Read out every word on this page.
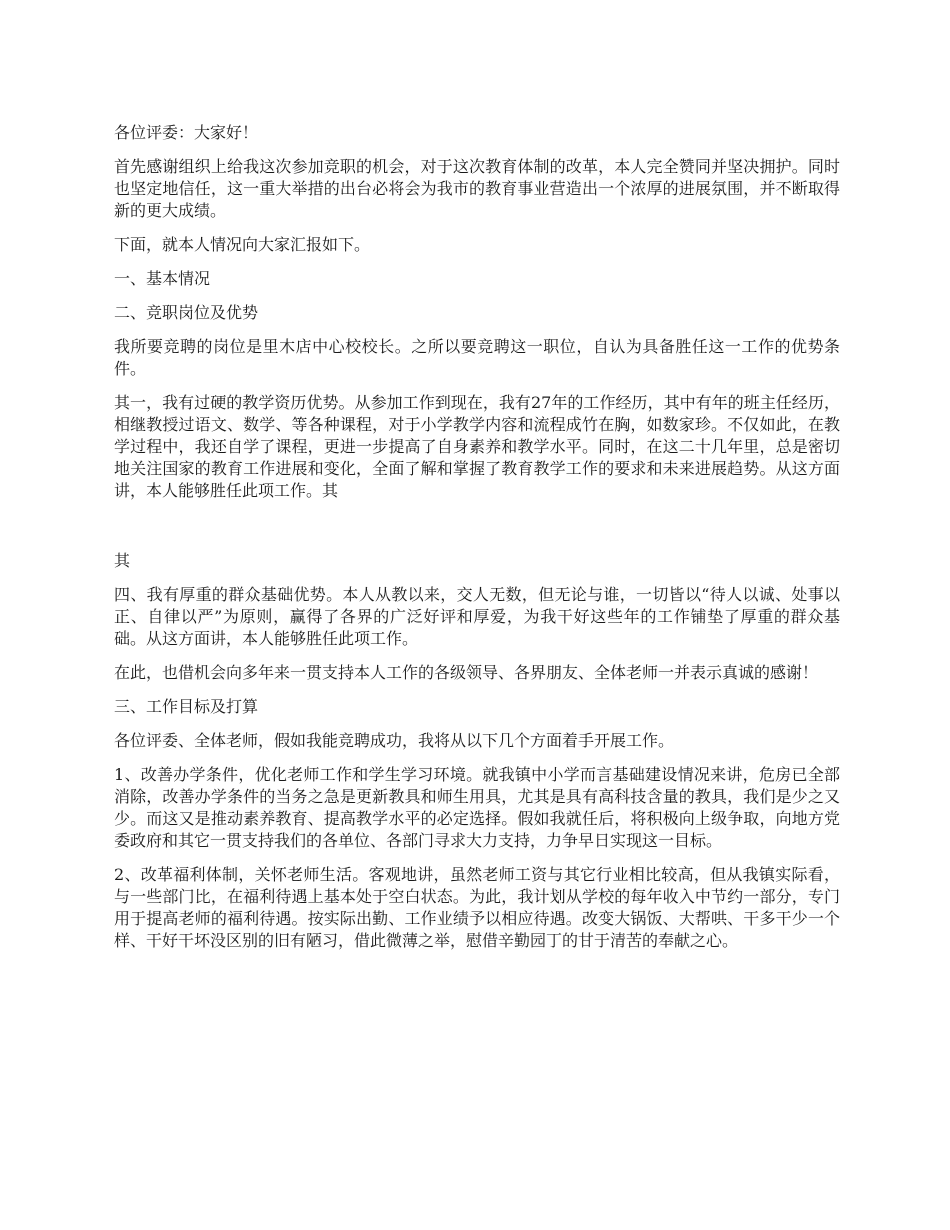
各位评委：大家好！

首先感谢组织上给我这次参加竞职的机会，对于这次教育体制的改革，本人完全赞同并坚决拥护。同时也坚定地信任，这一重大举措的出台必将会为我市的教育事业营造出一个浓厚的进展氛围，并不断取得新的更大成绩。

下面，就本人情况向大家汇报如下。

一、基本情况

二、竞职岗位及优势

我所要竞聘的岗位是里木店中心校校长。之所以要竞聘这一职位，自认为具备胜任这一工作的优势条件。

其一，我有过硬的教学资历优势。从参加工作到现在，我有27年的工作经历，其中有年的班主任经历，相继教授过语文、数学、等各种课程，对于小学教学内容和流程成竹在胸，如数家珍。不仅如此，在教学过程中，我还自学了课程，更进一步提高了自身素养和教学水平。同时，在这二十几年里，总是密切地关注国家的教育工作进展和变化，全面了解和掌握了教育教学工作的要求和未来进展趋势。从这方面讲，本人能够胜任此项工作。其

其

四、我有厚重的群众基础优势。本人从教以来，交人无数，但无论与谁，一切皆以“待人以诚、处事以正、自律以严”为原则，赢得了各界的广泛好评和厚爱，为我干好这些年的工作铺垫了厚重的群众基础。从这方面讲，本人能够胜任此项工作。

在此，也借机会向多年来一贯支持本人工作的各级领导、各界朋友、全体老师一并表示真诚的感谢！

三、工作目标及打算

各位评委、全体老师，假如我能竞聘成功，我将从以下几个方面着手开展工作。

1、改善办学条件，优化老师工作和学生学习环境。就我镇中小学而言基础建设情况来讲，危房已全部消除，改善办学条件的当务之急是更新教具和师生用具，尤其是具有高科技含量的教具，我们是少之又少。而这又是推动素养教育、提高教学水平的必定选择。假如我就任后，将积极向上级争取，向地方党委政府和其它一贯支持我们的各单位、各部门寻求大力支持，力争早日实现这一目标。

2、改革福利体制，关怀老师生活。客观地讲，虽然老师工资与其它行业相比较高，但从我镇实际看，与一些部门比，在福利待遇上基本处于空白状态。为此，我计划从学校的每年收入中节约一部分，专门用于提高老师的福利待遇。按实际出勤、工作业绩予以相应待遇。改变大锅饭、大帮哄、干多干少一个样、干好干坏没区别的旧有陋习，借此微薄之举，慰借辛勤园丁的甘于清苦的奉献之心。
